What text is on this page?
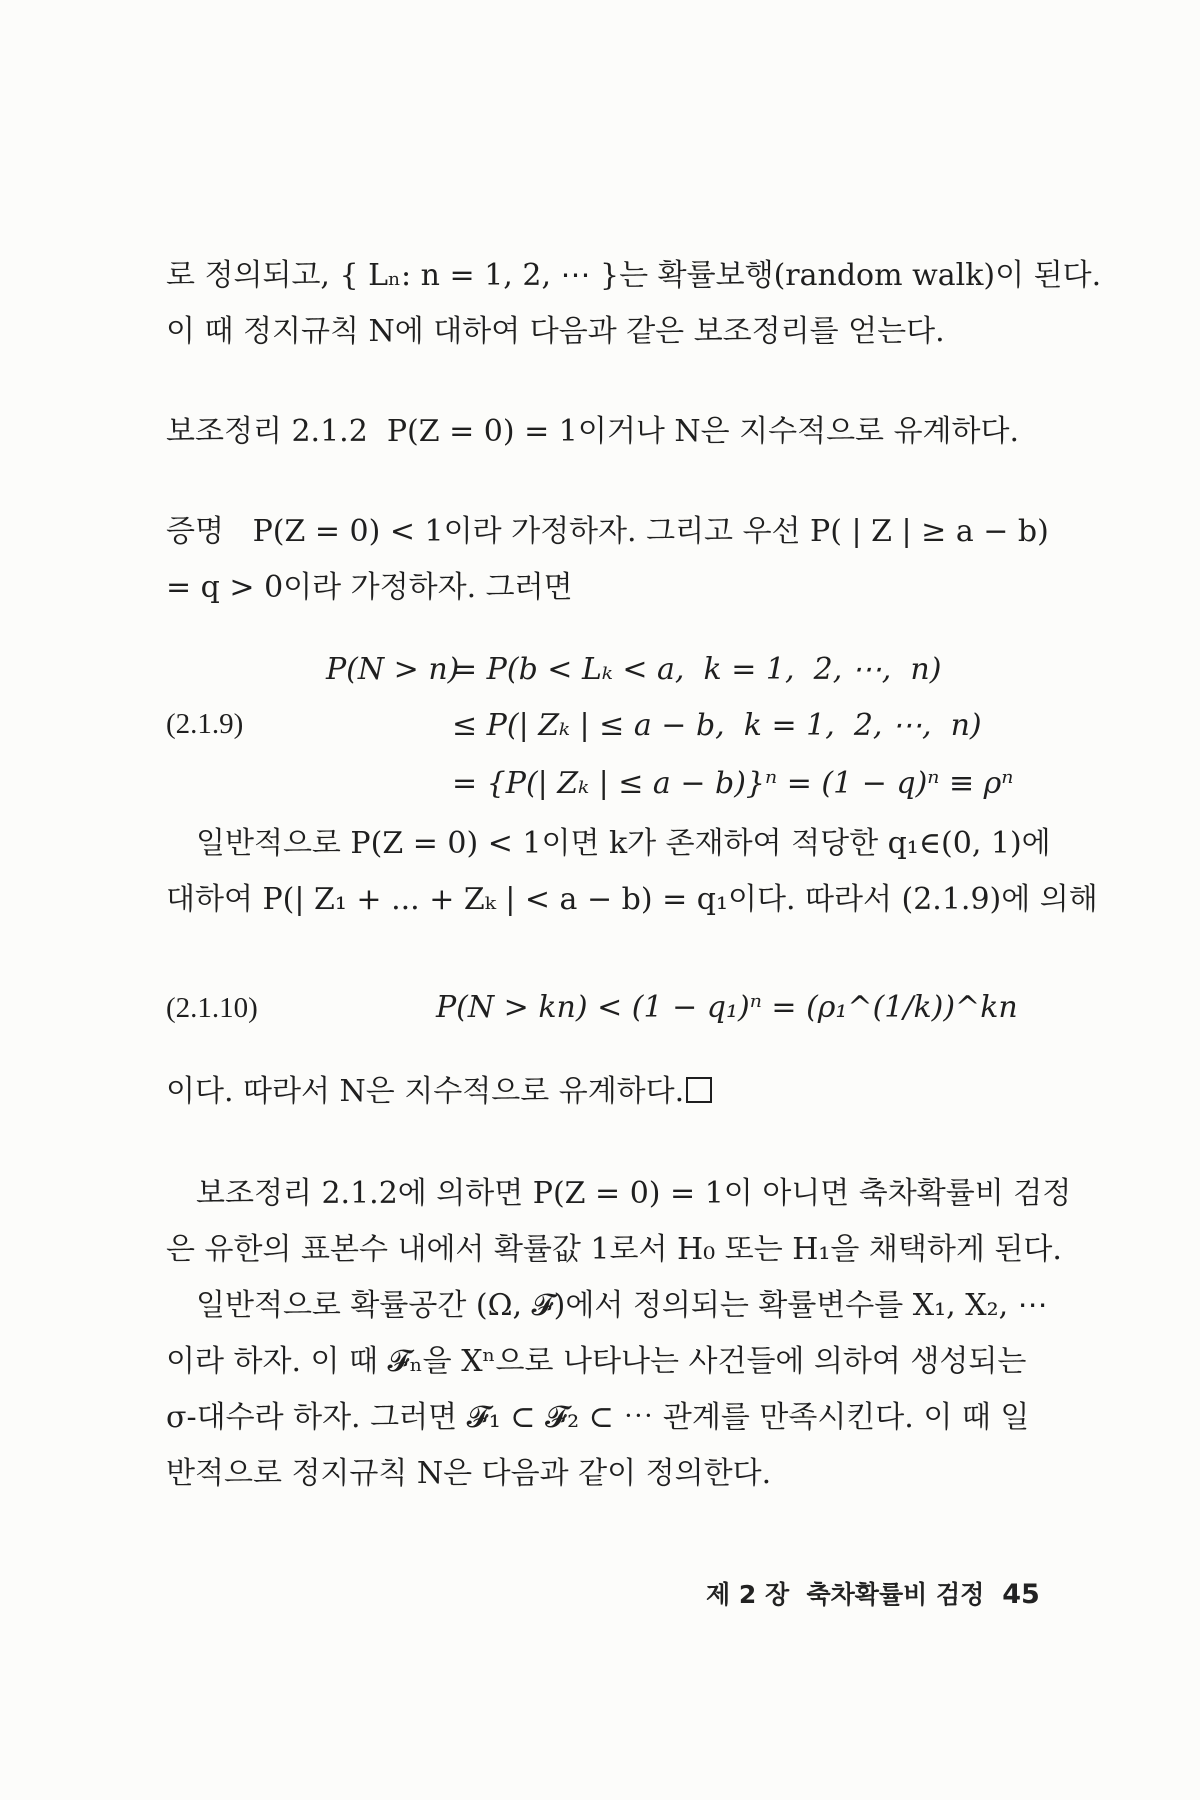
로 정의되고, { Lₙ: n = 1, 2, ⋯ }는 확률보행(random walk)이 된다.
이 때 정지규칙 N에 대하여 다음과 같은 보조정리를 얻는다.
보조정리 2.1.2  P(Z = 0) = 1이거나 N은 지수적으로 유계하다.
증명   P(Z = 0) < 1이라 가정하자. 그리고 우선 P( | Z | ≥ a − b)
= q > 0이라 가정하자. 그러면
P(N > n)
= P(b < Lₖ < a,  k = 1,  2, ⋯,  n)
(2.1.9)	≤ P(| Zₖ | ≤ a − b,  k = 1,  2, ⋯,  n)
= {P(| Zₖ | ≤ a − b)}ⁿ = (1 − q)ⁿ ≡ ρⁿ
일반적으로 P(Z = 0) < 1이면 k가 존재하여 적당한 q₁∈(0, 1)에
대하여 P(| Z₁ + ... + Zₖ | < a − b) = q₁이다. 따라서 (2.1.9)에 의해
(2.1.10)	P(N > kn) < (1 − q₁)ⁿ = (ρ₁^(1/k))^kn
이다. 따라서 N은 지수적으로 유계하다.
보조정리 2.1.2에 의하면 P(Z = 0) = 1이 아니면 축차확률비 검정
은 유한의 표본수 내에서 확률값 1로서 H₀ 또는 H₁을 채택하게 된다.
일반적으로 확률공간 (Ω, 𝓕)에서 정의되는 확률변수를 X₁, X₂, ⋯
이라 하자. 이 때 𝓕ₙ을 Xⁿ으로 나타나는 사건들에 의하여 생성되는
σ-대수라 하자. 그러면 𝓕₁ ⊂ 𝓕₂ ⊂ ⋯ 관계를 만족시킨다. 이 때 일
반적으로 정지규칙 N은 다음과 같이 정의한다.
제 2 장  축차확률비 검정 45
